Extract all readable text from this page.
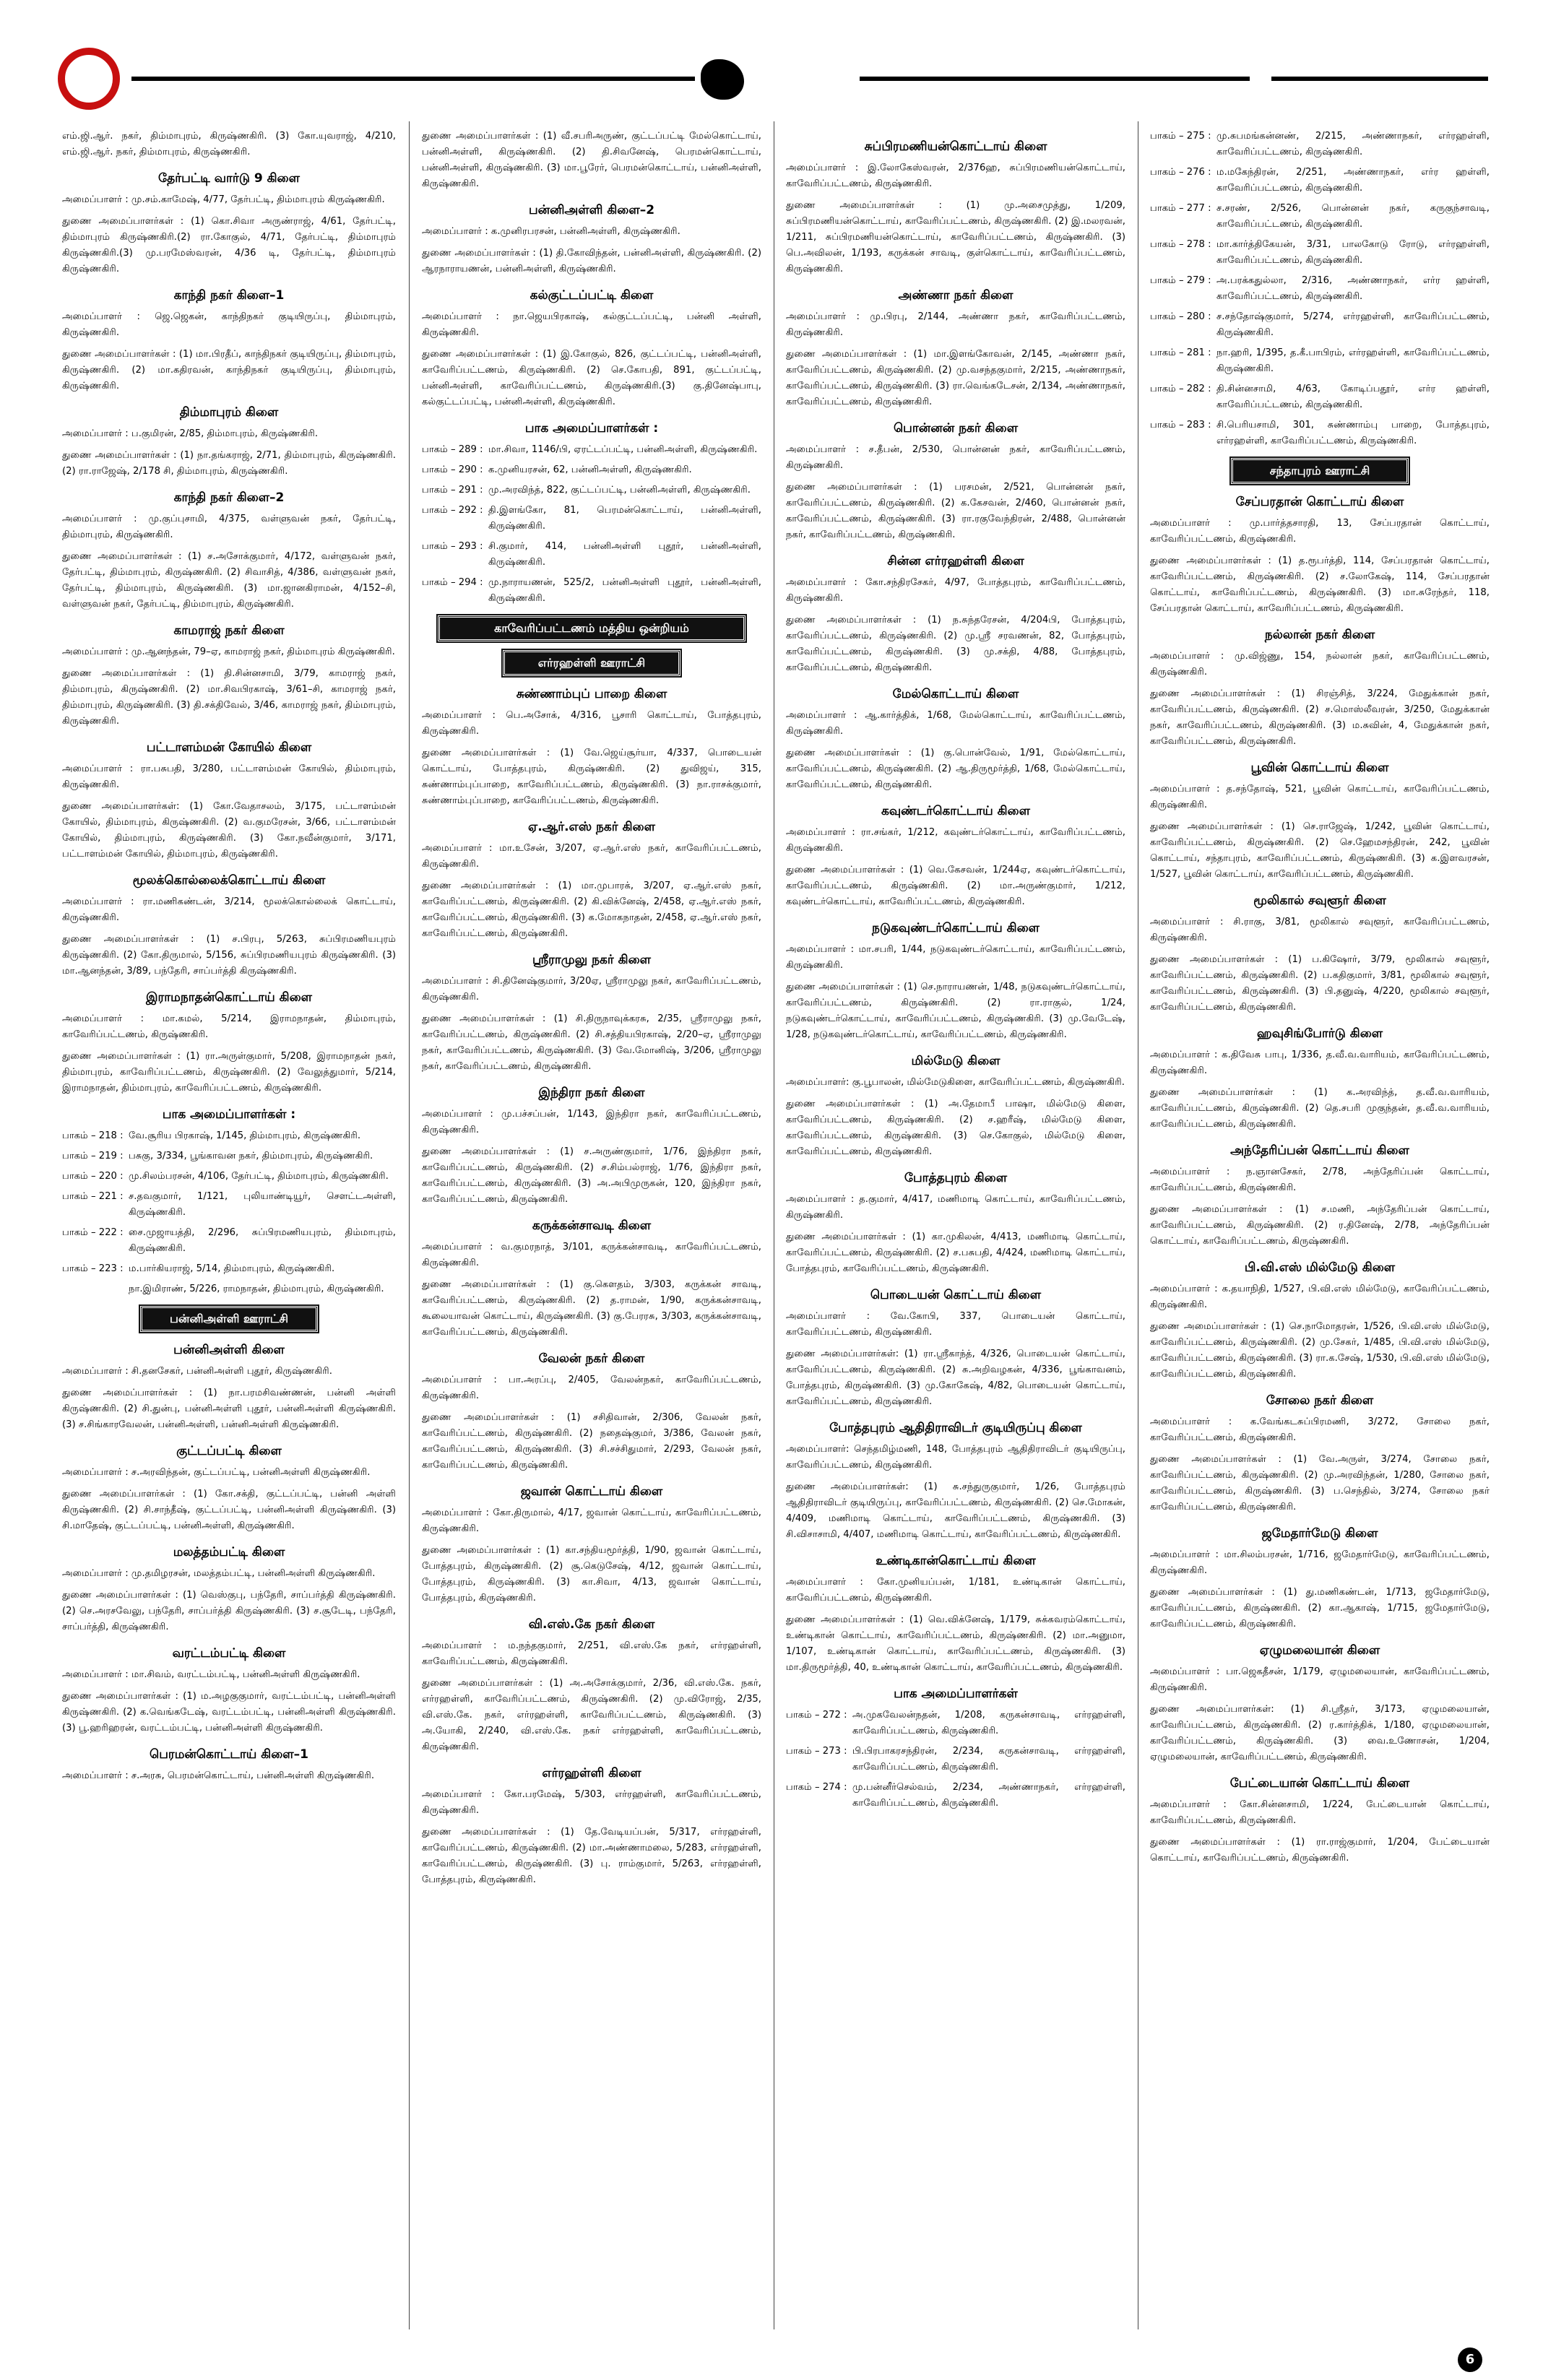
எம்.ஜி.ஆர். நகர், திம்மாபுரம், கிருஷ்ணகிரி. (3) கோ.யுவராஜ், 4/210, எம்.ஜி.ஆர். நகர், திம்மாபுரம், கிருஷ்ணகிரி.

தேர்பட்டி வார்டு 9 கிளை

அமைப்பாளர் : மு.சம்.காமேஷ், 4/77, தேர்பட்டி, திம்மாபுரம் கிருஷ்ணகிரி.

துணை அமைப்பாளர்கள் : (1) கொ.சிவா அருண்ராஜ், 4/61, தேர்பட்டி, திம்மாபுரம் கிருஷ்ணகிரி.(2) ரா.கோகுல், 4/71, தேர்பட்டி, திம்மாபுரம் கிருஷ்ணகிரி.(3) மு.பரமேஸ்வரன், 4/36 டி, தேர்பட்டி, திம்மாபுரம் கிருஷ்ணகிரி.

காந்தி நகர் கிளை–1

அமைப்பாளர் : ஜெ.ஜெகன், காந்திநகர் குடியிருப்பு, திம்மாபுரம், கிருஷ்ணகிரி.

துணை அமைப்பாளர்கள் : (1) மா.பிரதீப், காந்திநகர் குடியிருப்பு, திம்மாபுரம், கிருஷ்ணகிரி. (2) மா.கதிரவன், காந்திநகர் குடியிருப்பு, திம்மாபுரம், கிருஷ்ணகிரி.

திம்மாபுரம் கிளை

அமைப்பாளர் : ப.குமிரன், 2/85, திம்மாபுரம், கிருஷ்ணகிரி.

துணை அமைப்பாளர்கள் : (1) நா.தங்கராஜ், 2/71, திம்மாபுரம், கிருஷ்ணகிரி. (2) ரா.ராஜேஷ், 2/178 சி, திம்மாபுரம், கிருஷ்ணகிரி.

காந்தி நகர் கிளை–2

அமைப்பாளர் : மு.குப்புசாமி, 4/375, வள்ளுவன் நகர், தேர்பட்டி, திம்மாபுரம், கிருஷ்ணகிரி.

துணை அமைப்பாளர்கள் : (1) ச.அசோக்குமார், 4/172, வள்ளுவன் நகர், தேர்பட்டி, திம்மாபுரம், கிருஷ்ணகிரி. (2) சிவாசித், 4/386, வள்ளுவன் நகர், தேர்பட்டி, திம்மாபுரம், கிருஷ்ணகிரி. (3) மா.ஜானகிராமன், 4/152–சி, வள்ளுவன் நகர், தேர்பட்டி, திம்மாபுரம், கிருஷ்ணகிரி.

காமராஜ் நகர் கிளை

அமைப்பாளர் : மு.ஆனந்தன், 79–ஏ, காமராஜ் நகர், திம்மாபுரம் கிருஷ்ணகிரி.

துணை அமைப்பாளர்கள் : (1) தி.சின்னசாமி, 3/79, காமராஜ் நகர், திம்மாபுரம், கிருஷ்ணகிரி. (2) மா.சிவபிரகாஷ், 3/61–சி, காமராஜ் நகர், திம்மாபுரம், கிருஷ்ணகிரி. (3) தி.சக்திவேல், 3/46, காமராஜ் நகர், திம்மாபுரம், கிருஷ்ணகிரி.

பட்டாளம்மன் கோயில் கிளை

அமைப்பாளர் : ரா.பசுபதி, 3/280, பட்டாளம்மன் கோயில், திம்மாபுரம், கிருஷ்ணகிரி.

துணை அமைப்பாளர்கள்: (1) கோ.வேதாசலம், 3/175, பட்டாளம்மன் கோயில், திம்மாபுரம், கிருஷ்ணகிரி. (2) வ.குமரேசன், 3/66, பட்டாளம்மன் கோயில், திம்மாபுரம், கிருஷ்ணகிரி. (3) கோ.நவீன்குமார், 3/171, பட்டாளம்மன் கோயில், திம்மாபுரம், கிருஷ்ணகிரி.

மூலக்கொல்லைக்கொட்டாய் கிளை

அமைப்பாளர் : ரா.மணிகண்டன், 3/214, மூலக்கொல்லைக் கொட்டாய், கிருஷ்ணகிரி.

துணை அமைப்பாளர்கள் : (1) ச.பிரபு, 5/263, சுப்பிரமணியபுரம் கிருஷ்ணகிரி. (2) கோ.திருமால், 5/156, சுப்பிரமணியபுரம் கிருஷ்ணகிரி. (3) மா.ஆனந்தன், 3/89, பந்தேரி, சாப்பர்த்தி கிருஷ்ணகிரி.

இராமநாதன்கொட்டாய் கிளை

அமைப்பாளர் : மா.கமல், 5/214, இராமநாதன், திம்மாபுரம், காவேரிப்பட்டணம், கிருஷ்ணகிரி.

துணை அமைப்பாளர்கள் : (1) ரா.அருள்குமார், 5/208, இராமநாதன் நகர், திம்மாபுரம், காவேரிப்பட்டணம், கிருஷ்ணகிரி. (2) வேலுத்துமார், 5/214, இராமநாதன், திம்மாபுரம், காவேரிப்பட்டணம், கிருஷ்ணகிரி.

பாக அமைப்பாளர்கள் :
பாகம் – 218 : வே.சூரிய பிரகாஷ், 1/145, திம்மாபுரம், கிருஷ்ணகிரி.
பாகம் – 219 : பசுகு, 3/334, பூங்காவன நகர், திம்மாபுரம், கிருஷ்ணகிரி.
பாகம் – 220 : மு.சிலம்பரசன், 4/106, தேர்பட்டி, திம்மாபுரம், கிருஷ்ணகிரி.
பாகம் – 221 : ச.தவகுமார், 1/121, புலியாண்டியூர், சௌட்டஅள்ளி, கிருஷ்ணகிரி.
பாகம் – 222 : சை.முஜாயத்தி, 2/296, சுப்பிரமணியபுரம், திம்மாபுரம், கிருஷ்ணகிரி.
பாகம் – 223 : ம.பார்கியராஜ், 5/14, திம்மாபுரம், கிருஷ்ணகிரி.
நா.இமிராண், 5/226, ராமநாதன், திம்மாபுரம், கிருஷ்ணகிரி.
பன்னிஅள்ளி ஊராட்சி
பன்னிஅள்ளி கிளை

அமைப்பாளர் : சி.தனசேகர், பன்னிஅள்ளி புதூர், கிருஷ்ணகிரி.

துணை அமைப்பாளர்கள் : (1) நா.பரமசிவண்ணன், பன்னி அள்ளி கிருஷ்ணகிரி. (2) சி.துன்பு, பன்னிஅள்ளி புதூர், பன்னிஅள்ளி கிருஷ்ணகிரி. (3) ச.சிங்காரவேலன், பன்னிஅள்ளி, பன்னிஅள்ளி கிருஷ்ணகிரி.

குட்டப்பட்டி கிளை

அமைப்பாளர் : ச.அரவிந்தன், குட்டப்பட்டி, பன்னிஅள்ளி கிருஷ்ணகிரி.

துணை அமைப்பாளர்கள் : (1) கோ.சக்தி, குட்டப்பட்டி, பன்னி அள்ளி கிருஷ்ணகிரி. (2) சி.சாந்தீஷ், குட்டப்பட்டி, பன்னிஅள்ளி கிருஷ்ணகிரி. (3) சி.மாதேஷ், குட்டப்பட்டி, பன்னிஅள்ளி, கிருஷ்ணகிரி.

மலத்தம்பட்டி கிளை

அமைப்பாளர் : மு.தமிழரசன், மலத்தம்பட்டி, பன்னிஅள்ளி கிருஷ்ணகிரி.

துணை அமைப்பாளர்கள் : (1) வெஸ்குபு, பந்தேரி, சாப்பர்த்தி கிருஷ்ணகிரி.(2) செ.அரசவேலு, பந்தேரி, சாப்பர்த்தி கிருஷ்ணகிரி. (3) ச.சூடேடி, பந்தேரி, சாப்பர்த்தி, கிருஷ்ணகிரி.

வரட்டம்பட்டி கிளை

அமைப்பாளர் : மா.சிவம், வரட்டம்பட்டி, பன்னிஅள்ளி கிருஷ்ணகிரி.

துணை அமைப்பாளர்கள் : (1) ம.அழகுகுமார், வரட்டம்பட்டி, பன்னிஅள்ளி கிருஷ்ணகிரி. (2) க.வெங்கடேஷ், வரட்டம்பட்டி, பன்னிஅள்ளி கிருஷ்ணகிரி. (3) பூ.ஹரிஹரன், வரட்டம்பட்டி, பன்னிஅள்ளி கிருஷ்ணகிரி.

பெரமன்கொட்டாய் கிளை–1

அமைப்பாளர் : ச.அரசு, பெரமன்கொட்டாய், பன்னிஅள்ளி கிருஷ்ணகிரி.

துணை அமைப்பாளர்கள் : (1) வீ.சபரிஅருண், குட்டப்பட்டி மேல்கொட்டாய், பன்னிஅள்ளி, கிருஷ்ணகிரி. (2) தி.சிவனேஷ், பெரமன்கொட்டாய், பன்னிஅள்ளி, கிருஷ்ணகிரி. (3) மா.பூரேர், பெரமன்கொட்டாய், பன்னிஅள்ளி, கிருஷ்ணகிரி.

பன்னிஅள்ளி கிளை–2

அமைப்பாளர் : க.முனிரபரசன், பன்னிஅள்ளி, கிருஷ்ணகிரி.

துணை அமைப்பாளர்கள் : (1) தி.கோவிந்தன், பன்னிஅள்ளி, கிருஷ்ணகிரி. (2) ஆரநாராயணன், பன்னிஅள்ளி, கிருஷ்ணகிரி.

கல்குட்டப்பட்டி கிளை

அமைப்பாளர் : நா.ஜெயபிரகாஷ், கல்குட்டப்பட்டி, பன்னி அள்ளி, கிருஷ்ணகிரி.

துணை அமைப்பாளர்கள் : (1) இ.கோகுல், 826, குட்டப்பட்டி, பன்னிஅள்ளி, காவேரிப்பட்டணம், கிருஷ்ணகிரி. (2) செ.கோபதி, 891, குட்டப்பட்டி, பன்னிஅள்ளி, காவேரிப்பட்டணம், கிருஷ்ணகிரி.(3) கு.தினேஷ்பாபு, கல்குட்டப்பட்டி, பன்னிஅள்ளி, கிருஷ்ணகிரி.

பாக அமைப்பாளர்கள் :
பாகம் – 289 : மா.சிவா, 1146/பி, ஏரட்டப்பட்டி, பன்னிஅள்ளி, கிருஷ்ணகிரி.
பாகம் – 290 : க.முனியரசன், 62, பன்னிஅள்ளி, கிருஷ்ணகிரி.
பாகம் – 291 : மு.அரவிந்த், 822, குட்டப்பட்டி, பன்னிஅள்ளி, கிருஷ்ணகிரி.
பாகம் – 292 : தி.இளங்கோ, 81, பெரமன்கொட்டாய், பன்னிஅள்ளி, கிருஷ்ணகிரி.
பாகம் – 293 : சி.குமார், 414, பன்னிஅள்ளி புதூர், பன்னிஅள்ளி, கிருஷ்ணகிரி.
பாகம் – 294 : மு.நாராயணன், 525/2, பன்னிஅள்ளி புதூர், பன்னிஅள்ளி, கிருஷ்ணகிரி.
காவேரிப்பட்டணம் மத்திய ஒன்றியம்
எர்ரஹள்ளி ஊராட்சி
சுண்ணாம்புப் பாறை கிளை

அமைப்பாளர் : பெ.அசோக், 4/316, பூசாரி கொட்டாய், போத்தபுரம், கிருஷ்ணகிரி.

துணை அமைப்பாளர்கள் : (1) வே.ஜெய்சூர்யா, 4/337, பொடையன் கொட்டாய், போத்தபுரம், கிருஷ்ணகிரி. (2) துவிஜய், 315, சுண்ணாம்புப்பாறை, காவேரிப்பட்டணம், கிருஷ்ணகிரி. (3) நா.ராசக்குமார், சுண்ணாம்புப்பாறை, காவேரிப்பட்டணம், கிருஷ்ணகிரி.

ஏ.ஆர்.எஸ் நகர் கிளை

அமைப்பாளர் : மா.உசேன், 3/207, ஏ.ஆர்.எஸ் நகர், காவேரிப்பட்டணம், கிருஷ்ணகிரி.

துணை அமைப்பாளர்கள் : (1) மா.முபாரக், 3/207, ஏ.ஆர்.எஸ் நகர், காவேரிப்பட்டணம், கிருஷ்ணகிரி. (2) கி.விக்னேஷ், 2/458, ஏ.ஆர்.எஸ் நகர், காவேரிப்பட்டணம், கிருஷ்ணகிரி. (3) க.மோகநாதன், 2/458, ஏ.ஆர்.எஸ் நகர், காவேரிப்பட்டணம், கிருஷ்ணகிரி.

ஸ்ரீராமுலு நகர் கிளை

அமைப்பாளர் : சி.தினேஷ்குமார், 3/20ஏ, ஸ்ரீராமுலு நகர், காவேரிப்பட்டணம், கிருஷ்ணகிரி.

துணை அமைப்பாளர்கள் : (1) சி.திருநாவுக்கரசு, 2/35, ஸ்ரீராமுலு நகர், காவேரிப்பட்டணம், கிருஷ்ணகிரி. (2) சி.சத்தியபிரகாஷ், 2/20–ஏ, ஸ்ரீராமுலு நகர், காவேரிப்பட்டணம், கிருஷ்ணகிரி. (3) வே.மோனிஷ், 3/206, ஸ்ரீராமுலு நகர், காவேரிப்பட்டணம், கிருஷ்ணகிரி.

இந்திரா நகர் கிளை

அமைப்பாளர் : மு.பச்சப்பன், 1/143, இந்திரா நகர், காவேரிப்பட்டணம், கிருஷ்ணகிரி.

துணை அமைப்பாளர்கள் : (1) ச.அருண்குமார், 1/76, இந்திரா நகர், காவேரிப்பட்டணம், கிருஷ்ணகிரி. (2) ச.சிம்பல்ராஜ், 1/76, இந்திரா நகர், காவேரிப்பட்டணம், கிருஷ்ணகிரி. (3) அ.அபிமுருகன், 120, இந்திரா நகர், காவேரிப்பட்டணம், கிருஷ்ணகிரி.

கருக்கன்சாவடி கிளை

அமைப்பாளர் : வ.குமரநாத், 3/101, கருக்கன்சாவடி, காவேரிப்பட்டணம், கிருஷ்ணகிரி.

துணை அமைப்பாளர்கள் : (1) கு.கௌதம், 3/303, கருக்கன் சாவடி, காவேரிப்பட்டணம், கிருஷ்ணகிரி. (2) த.ராமன், 1/90, கருக்கன்சாவடி, கூலையாவன் கொட்டாய், கிருஷ்ணகிரி. (3) கு.பேரரசு, 3/303, கருக்கன்சாவடி, காவேரிப்பட்டணம், கிருஷ்ணகிரி.

வேலன் நகர் கிளை

அமைப்பாளர் : பா.அரப்பு, 2/405, வேலன்நகர், காவேரிப்பட்டணம், கிருஷ்ணகிரி.

துணை அமைப்பாளர்கள் : (1) சசிதிவான், 2/306, வேலன் நகர், காவேரிப்பட்டணம், கிருஷ்ணகிரி. (2) நதைஷ்குமர், 3/386, வேலன் நகர், காவேரிப்பட்டணம், கிருஷ்ணகிரி. (3) சி.சச்சிதுமார், 2/293, வேலன் நகர், காவேரிப்பட்டணம், கிருஷ்ணகிரி.

ஜவான் கொட்டாய் கிளை

அமைப்பாளர் : கோ.திருமால், 4/17, ஜவான் கொட்டாய், காவேரிப்பட்டணம், கிருஷ்ணகிரி.

துணை அமைப்பாளர்கள் : (1) கா.சந்தியமூர்த்தி, 1/90, ஜவான் கொட்டாய், போத்தபுரம், கிருஷ்ணகிரி. (2) சூ.கெடுசேஷ், 4/12, ஜவான் கொட்டாய், போத்தபுரம், கிருஷ்ணகிரி. (3) கா.சிவா, 4/13, ஜவான் கொட்டாய், போத்தபுரம், கிருஷ்ணகிரி.

வி.எஸ்.கே நகர் கிளை

அமைப்பாளர் : ம.நந்தகுமார், 2/251, வி.எஸ்.கே நகர், எர்ரஹள்ளி, காவேரிப்பட்டணம், கிருஷ்ணகிரி.

துணை அமைப்பாளர்கள் : (1) அ.அசோக்குமார், 2/36, வி.எஸ்.கே. நகர், எர்ரஹள்ளி, காவேரிப்பட்டணம், கிருஷ்ணகிரி. (2) மு.விரோஜ், 2/35, வி.எஸ்.கே. நகர், எர்ரஹள்ளி, காவேரிப்பட்டணம், கிருஷ்ணகிரி. (3) அ.யோகி, 2/240, வி.எஸ்.கே. நகர் எர்ரஹள்ளி, காவேரிப்பட்டணம், கிருஷ்ணகிரி.

எர்ரஹள்ளி கிளை

அமைப்பாளர் : கோ.பரமேஷ், 5/303, எர்ரஹள்ளி, காவேரிப்பட்டணம், கிருஷ்ணகிரி.

துணை அமைப்பாளர்கள் : (1) தே.வேடியப்பன், 5/317, எர்ரஹள்ளி, காவேரிப்பட்டணம், கிருஷ்ணகிரி. (2) மா.அண்ணாமலை, 5/283, எர்ரஹள்ளி, காவேரிப்பட்டணம், கிருஷ்ணகிரி. (3) பு. ராம்குமார், 5/263, எர்ரஹள்ளி, போத்தபுரம், கிருஷ்ணகிரி.

சுப்பிரமணியன்கொட்டாய் கிளை

அமைப்பாளர் : இ.லோகேஸ்வரன், 2/376ஹ, சுப்பிரமணியன்கொட்டாய், காவேரிப்பட்டணம், கிருஷ்ணகிரி.

துணை அமைப்பாளர்கள் : (1) மு.அசைமுத்து, 1/209, சுப்பிரமணியன்கொட்டாய், காவேரிப்பட்டணம், கிருஷ்ணகிரி. (2) இ.மலரவன், 1/211, சுப்பிரமணியன்கொட்டாய், காவேரிப்பட்டணம், கிருஷ்ணகிரி. (3) பெ.அவிலன், 1/193, கருக்கன் சாவடி, குள்கொட்டாய், காவேரிப்பட்டணம், கிருஷ்ணகிரி.

அண்ணா நகர் கிளை

அமைப்பாளர் : மு.பிரபு, 2/144, அண்ணா நகர், காவேரிப்பட்டணம், கிருஷ்ணகிரி.

துணை அமைப்பாளர்கள் : (1) மா.இளங்கோவன், 2/145, அண்ணா நகர், காவேரிப்பட்டணம், கிருஷ்ணகிரி. (2) மு.வசந்தகுமார், 2/215, அண்ணாநகர், காவேரிப்பட்டணம், கிருஷ்ணகிரி. (3) ரா.வெங்கடேசன், 2/134, அண்ணாநகர், காவேரிப்பட்டணம், கிருஷ்ணகிரி.

பொன்னன் நகர் கிளை

அமைப்பாளர் : ச.தீபன், 2/530, பொன்னன் நகர், காவேரிப்பட்டணம், கிருஷ்ணகிரி.

துணை அமைப்பாளர்கள் : (1) பரசமன், 2/521, பொன்னன் நகர், காவேரிப்பட்டணம், கிருஷ்ணகிரி. (2) க.கேசவன், 2/460, பொன்னன் நகர், காவேரிப்பட்டணம், கிருஷ்ணகிரி. (3) ரா.ரகுவேந்திரன், 2/488, பொன்னன் நகர், காவேரிப்பட்டணம், கிருஷ்ணகிரி.

சின்ன எர்ரஹள்ளி கிளை

அமைப்பாளர் : கோ.சந்திரசேகர், 4/97, போத்தபுரம், காவேரிப்பட்டணம், கிருஷ்ணகிரி.

துணை அமைப்பாளர்கள் : (1) ந.சுந்தரேசன், 4/204பி, போத்தபுரம், காவேரிப்பட்டணம், கிருஷ்ணகிரி. (2) மு.ஸ்ரீ சரவணன், 82, போத்தபுரம், காவேரிப்பட்டணம், கிருஷ்ணகிரி. (3) மு.சக்தி, 4/88, போத்தபுரம், காவேரிப்பட்டணம், கிருஷ்ணகிரி.

மேல்கொட்டாய் கிளை

அமைப்பாளர் : ஆ.கார்த்திக், 1/68, மேல்கொட்டாய், காவேரிப்பட்டணம், கிருஷ்ணகிரி.

துணை அமைப்பாளர்கள் : (1) கு.பொன்வேல், 1/91, மேல்கொட்டாய், காவேரிப்பட்டணம், கிருஷ்ணகிரி. (2) ஆ.திருமூர்த்தி, 1/68, மேல்கொட்டாய், காவேரிப்பட்டணம், கிருஷ்ணகிரி.

கவுண்டர்கொட்டாய் கிளை

அமைப்பாளர் : ரா.சங்கர், 1/212, கவுண்டர்கொட்டாய், காவேரிப்பட்டணம், கிருஷ்ணகிரி.

துணை அமைப்பாளர்கள் : (1) வெ.கேசவன், 1/244ஏ, கவுண்டர்கொட்டாய், காவேரிப்பட்டணம், கிருஷ்ணகிரி. (2) மா.அருண்குமார், 1/212, கவுண்டர்கொட்டாய், காவேரிப்பட்டணம், கிருஷ்ணகிரி.

நடுகவுண்டர்கொட்டாய் கிளை

அமைப்பாளர் : மா.சபரி, 1/44, நடுகவுண்டர்கொட்டாய், காவேரிப்பட்டணம், கிருஷ்ணகிரி.

துணை அமைப்பாளர்கள் : (1) செ.நாராயணன், 1/48, நடுகவுண்டர்கொட்டாய், காவேரிப்பட்டணம், கிருஷ்ணகிரி. (2) ரா.ராகுல், 1/24, நடுகவுண்டர்கொட்டாய், காவேரிப்பட்டணம், கிருஷ்ணகிரி. (3) மு.வேடேஷ், 1/28, நடுகவுண்டர்கொட்டாய், காவேரிப்பட்டணம், கிருஷ்ணகிரி.

மில்மேடு கிளை

அமைப்பாளர்: கு.பூபாலன், மில்மேடுகிளை, காவேரிப்பட்டணம், கிருஷ்ணகிரி.

துணை அமைப்பாளர்கள் : (1) அ.தேமாபீ பாஷா, மில்மேடு கிளை, காவேரிப்பட்டணம், கிருஷ்ணகிரி. (2) ச.ஹரீஷ், மில்மேடு கிளை, காவேரிப்பட்டணம், கிருஷ்ணகிரி. (3) செ.கோகுல், மில்மேடு கிளை, காவேரிப்பட்டணம், கிருஷ்ணகிரி.

போத்தபுரம் கிளை

அமைப்பாளர் : த.குமார், 4/417, மணிமாடி கொட்டாய், காவேரிப்பட்டணம், கிருஷ்ணகிரி.

துணை அமைப்பாளர்கள் : (1) கா.முகிலன், 4/413, மணிமாடி கொட்டாய், காவேரிப்பட்டணம், கிருஷ்ணகிரி. (2) ச.பசுபதி, 4/424, மணிமாடி கொட்டாய், போத்தபுரம், காவேரிப்பட்டணம், கிருஷ்ணகிரி.

பொடையன் கொட்டாய் கிளை

அமைப்பாளர் : வே.கோபி, 337, பொடையன் கொட்டாய், காவேரிப்பட்டணம், கிருஷ்ணகிரி.

துணை அமைப்பாளர்கள்: (1) ரா.ஸ்ரீகாந்த், 4/326, பொடையன் கொட்டாய், காவேரிப்பட்டணம், கிருஷ்ணகிரி. (2) சு.அறிவழகன், 4/336, பூங்காவனம், போத்தபுரம், கிருஷ்ணகிரி. (3) மு.கோகேஷ், 4/82, பொடையன் கொட்டாய், காவேரிப்பட்டணம், கிருஷ்ணகிரி.

போத்தபுரம் ஆதிதிராவிடர் குடியிருப்பு கிளை

அமைப்பாளர்: செந்தமிழ்மணி, 148, போத்தபுரம் ஆதிதிராவிடர் குடியிருப்பு, காவேரிப்பட்டணம், கிருஷ்ணகிரி.

துணை அமைப்பாளர்கள்: (1) சு.சந்துருகுமார், 1/26, போத்தபுரம் ஆதிதிராவிடர் குடியிருப்பு, காவேரிப்பட்டணம், கிருஷ்ணகிரி. (2) செ.மோகன், 4/409, மணிமாடி கொட்டாய், காவேரிப்பட்டணம், கிருஷ்ணகிரி. (3) சி.விசாசாமி, 4/407, மணிமாடி கொட்டாய், காவேரிப்பட்டணம், கிருஷ்ணகிரி.

உண்டிகான்கொட்டாய் கிளை

அமைப்பாளர் : கோ.முனியப்பன், 1/181, உண்டிகான் கொட்டாய், காவேரிப்பட்டணம், கிருஷ்ணகிரி.

துணை அமைப்பாளர்கள் : (1) வெ.விக்னேஷ், 1/179, சுக்கவரம்கொட்டாய், உண்டிகான் கொட்டாய், காவேரிப்பட்டணம், கிருஷ்ணகிரி. (2) மா.அனுமா, 1/107, உண்டிகான் கொட்டாய், காவேரிப்பட்டணம், கிருஷ்ணகிரி. (3) மா.திருமூர்த்தி, 40, உண்டிகான் கொட்டாய், காவேரிப்பட்டணம், கிருஷ்ணகிரி.

பாக அமைப்பாளர்கள்
பாகம் – 272 : அ.முகவேலன்நதன், 1/208, கருகன்சாவடி, எர்ரஹள்ளி, காவேரிப்பட்டணம், கிருஷ்ணகிரி.
பாகம் – 273 : பி.பிரபாகரசந்திரன், 2/234, கருகன்சாவடி, எர்ரஹள்ளி, காவேரிப்பட்டணம், கிருஷ்ணகிரி.
பாகம் – 274 : மு.பன்னீர்செல்வம், 2/234, அண்ணாநகர், எர்ரஹள்ளி, காவேரிப்பட்டணம், கிருஷ்ணகிரி.
பாகம் – 275 : மு.சுபமங்கன்னண், 2/215, அண்ணாநகர், எர்ரஹள்ளி, காவேரிப்பட்டணம், கிருஷ்ணகிரி.
பாகம் – 276 : ம.மகேந்திரன், 2/251, அண்ணாநகர், எர்ர ஹள்ளி, காவேரிப்பட்டணம், கிருஷ்ணகிரி.
பாகம் – 277 : ச.சரண், 2/526, பொன்னன் நகர், கருகுந்சாவடி, காவேரிப்பட்டணம், கிருஷ்ணகிரி.
பாகம் – 278 : மா.கார்த்திகேயன், 3/31, பாலகோடு ரோடு, எர்ரஹள்ளி, காவேரிப்பட்டணம், கிருஷ்ணகிரி.
பாகம் – 279 : அ.பரக்கதுல்லா, 2/316, அண்ணாநகர், எர்ர ஹள்ளி, காவேரிப்பட்டணம், கிருஷ்ணகிரி.
பாகம் – 280 : ச.சந்தோஷ்குமார், 5/274, எர்ரஹள்ளி, காவேரிப்பட்டணம், கிருஷ்ணகிரி.
பாகம் – 281 : நா.ஹரி, 1/395, த.கீ.பாபிரம், எர்ரஹள்ளி, காவேரிப்பட்டணம், கிருஷ்ணகிரி.
பாகம் – 282 : தி.சின்னசாமி, 4/63, கோடிப்பதூர், எர்ர ஹள்ளி, காவேரிப்பட்டணம், கிருஷ்ணகிரி.
பாகம் – 283 : சி.பெரியசாமி, 301, சுண்ணாம்பு பாறை, போத்தபுரம், எர்ரஹள்ளி, காவேரிப்பட்டணம், கிருஷ்ணகிரி.
சந்தாபுரம் ஊராட்சி
சேப்பரதான் கொட்டாய் கிளை

அமைப்பாளர் : மு.பார்த்தசாரதி, 13, சேப்பரதான் கொட்டாய், காவேரிப்பட்டணம், கிருஷ்ணகிரி.

துணை அமைப்பாளர்கள் : (1) த.ரூபர்த்தி, 114, சேப்பரதான் கொட்டாய், காவேரிப்பட்டணம், கிருஷ்ணகிரி. (2) ச.லோகேஷ், 114, சேப்பரதான் கொட்டாய், காவேரிப்பட்டணம், கிருஷ்ணகிரி. (3) மா.சுரேந்தர், 118, சேப்பரதான் கொட்டாய், காவேரிப்பட்டணம், கிருஷ்ணகிரி.

நல்லான் நகர் கிளை

அமைப்பாளர் : மு.விஜ்ணு, 154, நல்லான் நகர், காவேரிப்பட்டணம், கிருஷ்ணகிரி.

துணை அமைப்பாளர்கள் : (1) சிரஞ்சித், 3/224, மேதுக்கான் நகர், காவேரிப்பட்டணம், கிருஷ்ணகிரி. (2) ச.மொஸ்லீவரன், 3/250, மேதுக்கான் நகர், காவேரிப்பட்டணம், கிருஷ்ணகிரி. (3) ம.சுவின், 4, மேதுக்கான் நகர், காவேரிப்பட்டணம், கிருஷ்ணகிரி.

பூவின் கொட்டாய் கிளை

அமைப்பாளர் : த.சந்தோஷ், 521, பூவின் கொட்டாய், காவேரிப்பட்டணம், கிருஷ்ணகிரி.

துணை அமைப்பாளர்கள் : (1) செ.ராஜேஷ், 1/242, பூவின் கொட்டாய், காவேரிப்பட்டணம், கிருஷ்ணகிரி. (2) செ.ஹேமசந்திரன், 242, பூவின் கொட்டாய், சந்தாபுரம், காவேரிப்பட்டணம், கிருஷ்ணகிரி. (3) க.இளவரசன், 1/527, பூவின் கொட்டாய், காவேரிப்பட்டணம், கிருஷ்ணகிரி.

மூலிகால் சவுளூர் கிளை

அமைப்பாளர் : சி.ராகு, 3/81, மூலிகால் சவுளூர், காவேரிப்பட்டணம், கிருஷ்ணகிரி.

துணை அமைப்பாளர்கள் : (1) ப.கிஷோர், 3/79, மூலிகால் சவுளூர், காவேரிப்பட்டணம், கிருஷ்ணகிரி. (2) ப.கதிகுமார், 3/81, மூலிகால் சவுளூர், காவேரிப்பட்டணம், கிருஷ்ணகிரி. (3) பி.தனுஷ், 4/220, மூலிகால் சவுளூர், காவேரிப்பட்டணம், கிருஷ்ணகிரி.

ஹவுசிங்போர்டு கிளை

அமைப்பாளர் : க.திவேசு பாபு, 1/336, த.வீ.வ.வாரியம், காவேரிப்பட்டணம், கிருஷ்ணகிரி.

துணை அமைப்பாளர்கள் : (1) க.அரவிந்த், த.வீ.வ.வாரியம், காவேரிப்பட்டணம், கிருஷ்ணகிரி. (2) தெ.சபரி முகுந்தன், த.வீ.வ.வாரியம், காவேரிப்பட்டணம், கிருஷ்ணகிரி.

அந்தேரிப்பன் கொட்டாய் கிளை

அமைப்பாளர் : ந.ஞானசேகர், 2/78, அந்தேரிப்பன் கொட்டாய், காவேரிப்பட்டணம், கிருஷ்ணகிரி.

துணை அமைப்பாளர்கள் : (1) ச.மணி, அந்தேரிப்பன் கொட்டாய், காவேரிப்பட்டணம், கிருஷ்ணகிரி. (2) ர.தினேஷ், 2/78, அந்தேரிப்பன் கொட்டாய், காவேரிப்பட்டணம், கிருஷ்ணகிரி.

பி.வி.எஸ் மில்மேடு கிளை

அமைப்பாளர் : க.தயாநிதி, 1/527, பி.வி.எஸ் மில்மேடு, காவேரிப்பட்டணம், கிருஷ்ணகிரி.

துணை அமைப்பாளர்கள் : (1) செ.நாமோதரன், 1/526, பி.வி.எஸ் மில்மேடு, காவேரிப்பட்டணம், கிருஷ்ணகிரி. (2) மு.சேகர், 1/485, பி.வி.எஸ் மில்மேடு, காவேரிப்பட்டணம், கிருஷ்ணகிரி. (3) ரா.க.சேஷ், 1/530, பி.வி.எஸ் மில்மேடு, காவேரிப்பட்டணம், கிருஷ்ணகிரி.

சோலை நகர் கிளை

அமைப்பாளர் : க.வேங்கடசுப்பிரமணி, 3/272, சோலை நகர், காவேரிப்பட்டணம், கிருஷ்ணகிரி.

துணை அமைப்பாளர்கள் : (1) வே.அருள், 3/274, சோலை நகர், காவேரிப்பட்டணம், கிருஷ்ணகிரி. (2) மு.அரவிந்தன், 1/280, சோலை நகர், காவேரிப்பட்டணம், கிருஷ்ணகிரி. (3) ப.செந்தில், 3/274, சோலை நகர் காவேரிப்பட்டணம், கிருஷ்ணகிரி.

ஜமேதார்மேடு கிளை

அமைப்பாளர் : மா.சிலம்பரசன், 1/716, ஜமேதார்மேடு, காவேரிப்பட்டணம், கிருஷ்ணகிரி.

துணை அமைப்பாளர்கள் : (1) து.மணிகண்டன், 1/713, ஜமேதார்மேடு, காவேரிப்பட்டணம், கிருஷ்ணகிரி. (2) கா.ஆகாஷ், 1/715, ஜமேதார்மேடு, காவேரிப்பட்டணம், கிருஷ்ணகிரி.

ஏழுமலையான் கிளை

அமைப்பாளர் : பா.ஜெகதீசன், 1/179, ஏழுமலையான், காவேரிப்பட்டணம், கிருஷ்ணகிரி.

துணை அமைப்பாளர்கள்: (1) சி.ஸ்ரீதர், 3/173, ஏழுமலையான், காவேரிப்பட்டணம், கிருஷ்ணகிரி. (2) ர.கார்த்திக், 1/180, ஏழுமலையான், காவேரிப்பட்டணம், கிருஷ்ணகிரி. (3) வை.உணோசன், 1/204, ஏழுமலையான், காவேரிப்பட்டணம், கிருஷ்ணகிரி.

பேட்டையான் கொட்டாய் கிளை

அமைப்பாளர் : கோ.சின்னசாமி, 1/224, பேட்டையான் கொட்டாய், காவேரிப்பட்டணம், கிருஷ்ணகிரி.

துணை அமைப்பாளர்கள் : (1) ரா.ராஜ்குமார், 1/204, பேட்டையான் கொட்டாய், காவேரிப்பட்டணம், கிருஷ்ணகிரி.

6
